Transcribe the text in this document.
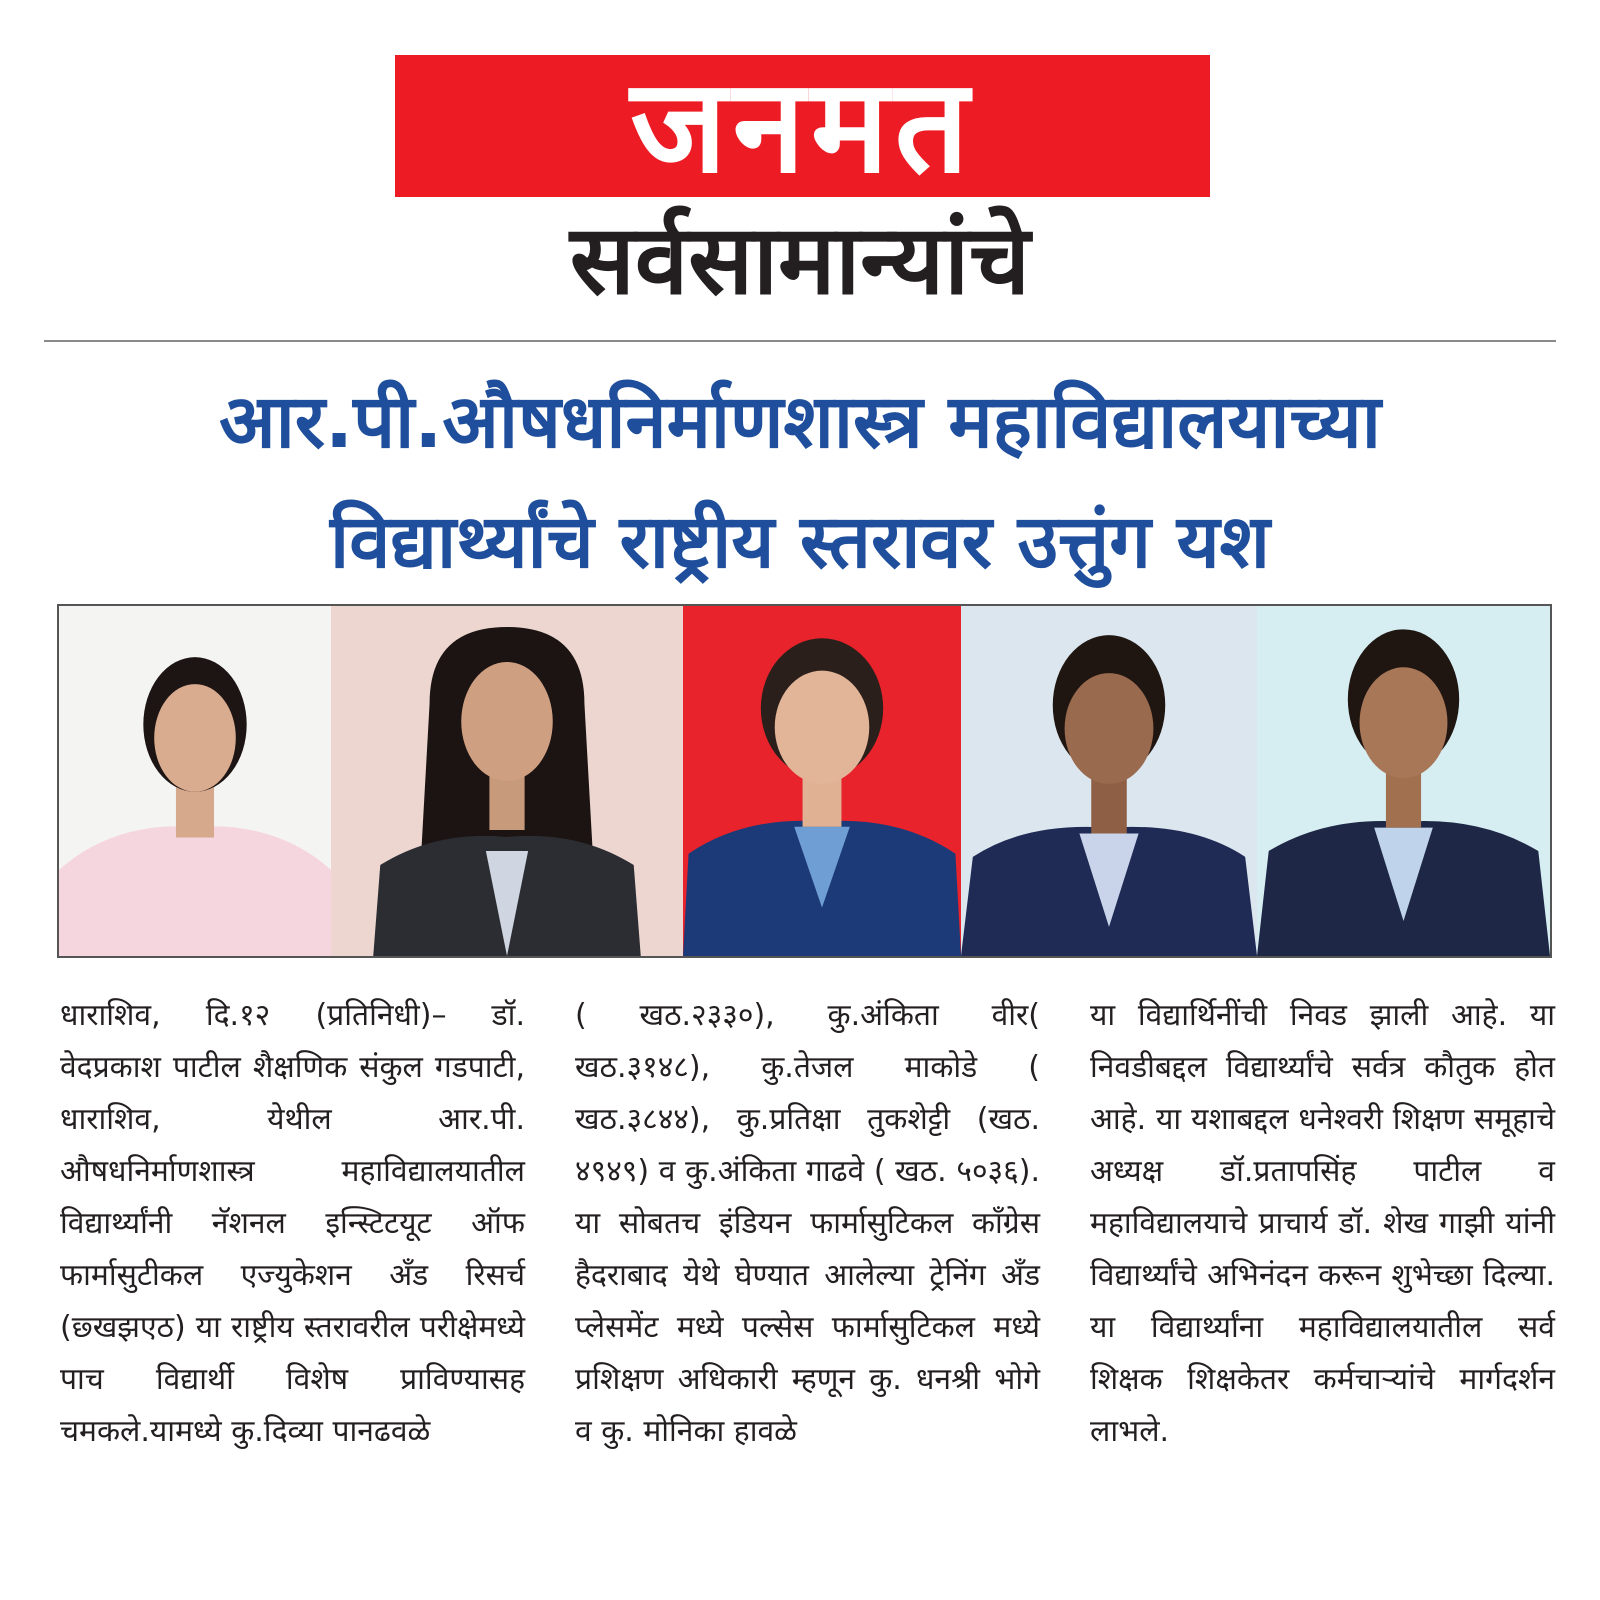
जनमत
सर्वसामान्यांचे
आर.पी.औषधनिर्माणशास्त्र महाविद्यालयाच्या
विद्यार्थ्यांचे राष्ट्रीय स्तरावर उत्तुंग यश
धाराशिव, दि.१२ (प्रतिनिधी)– डॉ. वेदप्रकाश पाटील शैक्षणिक संकुल गडपाटी, धाराशिव, येथील आर.पी. औषधनिर्माणशास्त्र महाविद्यालयातील विद्यार्थ्यांनी नॅशनल इन्स्टिटयूट ऑफ फार्मासुटीकल एज्युकेशन अँड रिसर्च (छ्खझएठ) या राष्ट्रीय स्तरावरील परीक्षेमध्ये पाच विद्यार्थी विशेष प्राविण्यासह चमकले.यामध्ये कु.दिव्या पानढवळे
( खठ.२३३०), कु.अंकिता वीर( खठ.३१४८), कु.तेजल माकोडे ( खठ.३८४४), कु.प्रतिक्षा तुकशेट्टी (खठ. ४९४९) व कु.अंकिता गाढवे ( खठ. ५०३६). या सोबतच इंडियन फार्मासुटिकल कॉंग्रेस हैदराबाद येथे घेण्यात आलेल्या ट्रेनिंग अँड प्लेसमेंट मध्ये पल्सेस फार्मासुटिकल मध्ये प्रशिक्षण अधिकारी म्हणून कु. धनश्री भोगे व कु. मोनिका हावळे
या विद्यार्थिनींची निवड झाली आहे. या निवडीबद्दल विद्यार्थ्यांचे सर्वत्र कौतुक होत आहे. या यशाबद्दल धनेश्वरी शिक्षण समूहाचे अध्यक्ष डॉ.प्रतापसिंह पाटील व महाविद्यालयाचे प्राचार्य डॉ. शेख गाझी यांनी विद्यार्थ्यांचे अभिनंदन करून शुभेच्छा दिल्या. या विद्यार्थ्यांना महाविद्यालयातील सर्व शिक्षक शिक्षकेतर कर्मचाऱ्यांचे मार्गदर्शन लाभले.
